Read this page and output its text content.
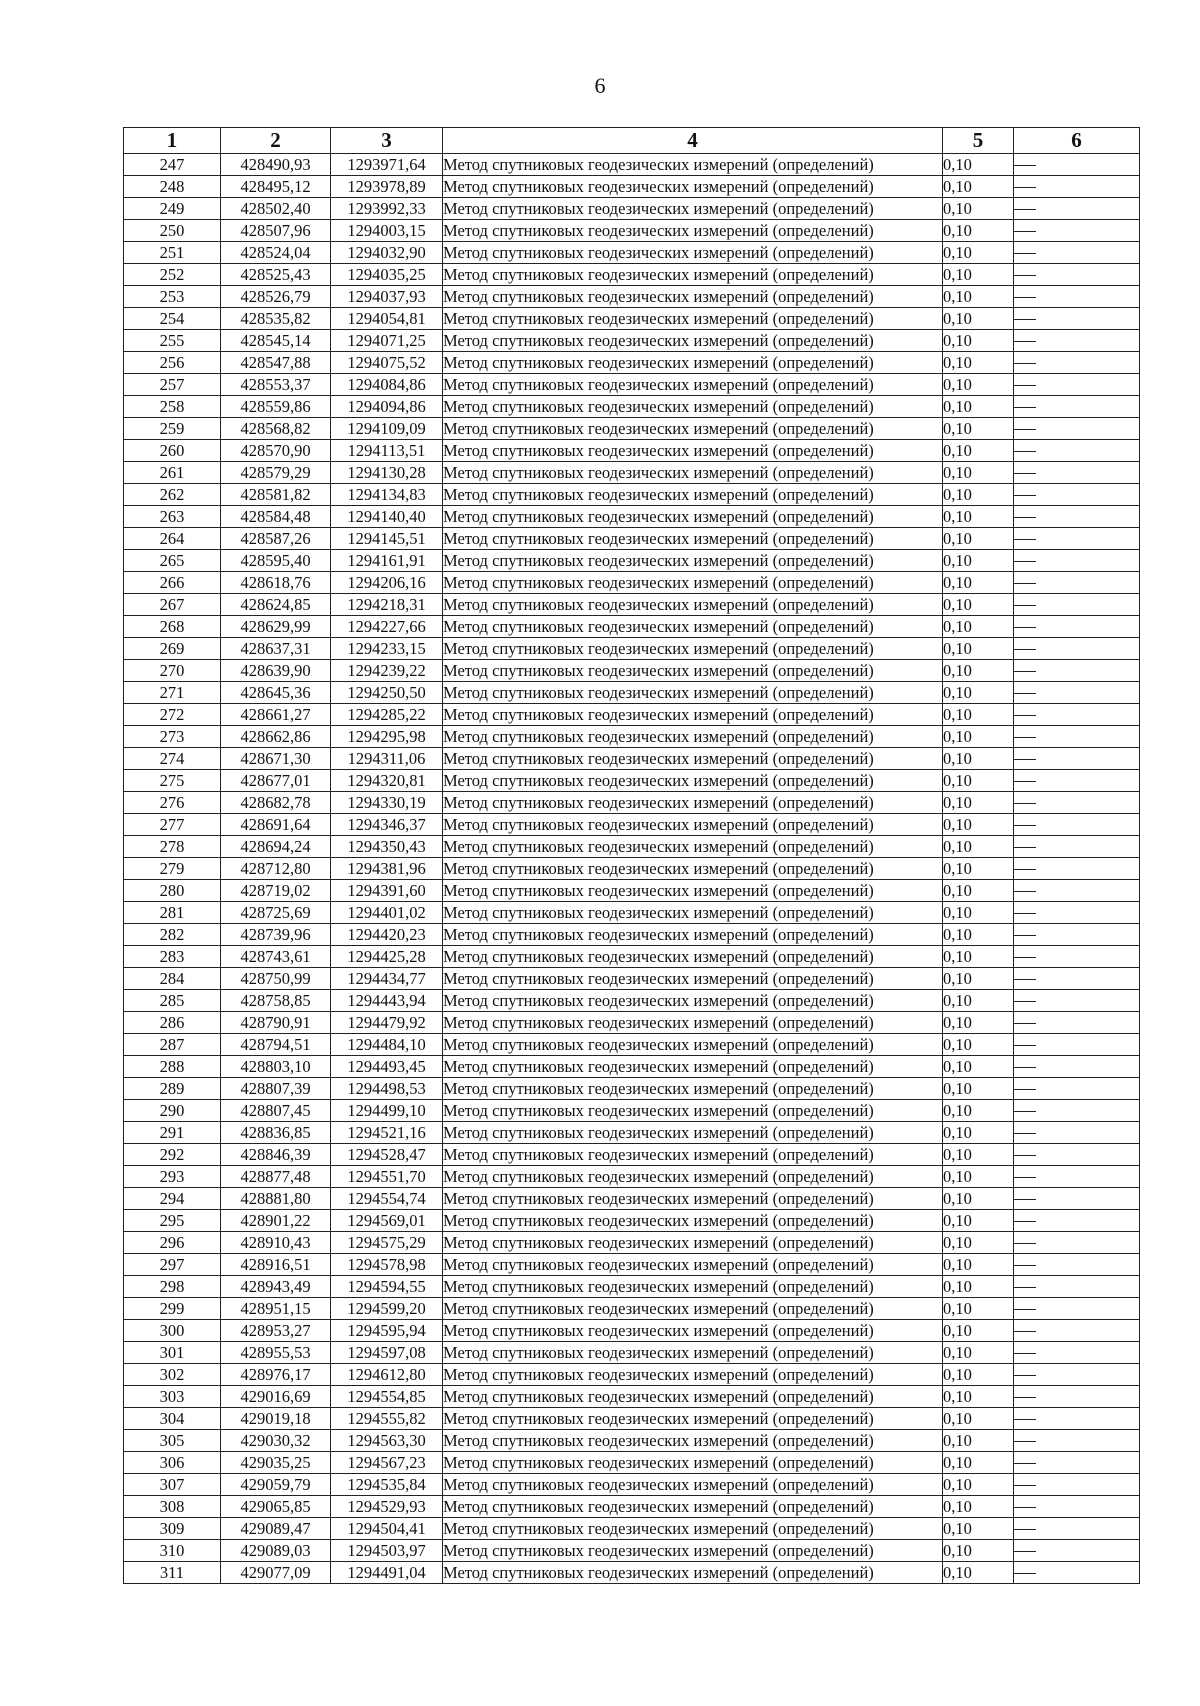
6
1	2	3	4	5	6
247	428490,93	1293971,64	Метод спутниковых геодезических измерений (определений)	0,10	
248	428495,12	1293978,89	Метод спутниковых геодезических измерений (определений)	0,10	
249	428502,40	1293992,33	Метод спутниковых геодезических измерений (определений)	0,10	
250	428507,96	1294003,15	Метод спутниковых геодезических измерений (определений)	0,10	
251	428524,04	1294032,90	Метод спутниковых геодезических измерений (определений)	0,10	
252	428525,43	1294035,25	Метод спутниковых геодезических измерений (определений)	0,10	
253	428526,79	1294037,93	Метод спутниковых геодезических измерений (определений)	0,10	
254	428535,82	1294054,81	Метод спутниковых геодезических измерений (определений)	0,10	
255	428545,14	1294071,25	Метод спутниковых геодезических измерений (определений)	0,10	
256	428547,88	1294075,52	Метод спутниковых геодезических измерений (определений)	0,10	
257	428553,37	1294084,86	Метод спутниковых геодезических измерений (определений)	0,10	
258	428559,86	1294094,86	Метод спутниковых геодезических измерений (определений)	0,10	
259	428568,82	1294109,09	Метод спутниковых геодезических измерений (определений)	0,10	
260	428570,90	1294113,51	Метод спутниковых геодезических измерений (определений)	0,10	
261	428579,29	1294130,28	Метод спутниковых геодезических измерений (определений)	0,10	
262	428581,82	1294134,83	Метод спутниковых геодезических измерений (определений)	0,10	
263	428584,48	1294140,40	Метод спутниковых геодезических измерений (определений)	0,10	
264	428587,26	1294145,51	Метод спутниковых геодезических измерений (определений)	0,10	
265	428595,40	1294161,91	Метод спутниковых геодезических измерений (определений)	0,10	
266	428618,76	1294206,16	Метод спутниковых геодезических измерений (определений)	0,10	
267	428624,85	1294218,31	Метод спутниковых геодезических измерений (определений)	0,10	
268	428629,99	1294227,66	Метод спутниковых геодезических измерений (определений)	0,10	
269	428637,31	1294233,15	Метод спутниковых геодезических измерений (определений)	0,10	
270	428639,90	1294239,22	Метод спутниковых геодезических измерений (определений)	0,10	
271	428645,36	1294250,50	Метод спутниковых геодезических измерений (определений)	0,10	
272	428661,27	1294285,22	Метод спутниковых геодезических измерений (определений)	0,10	
273	428662,86	1294295,98	Метод спутниковых геодезических измерений (определений)	0,10	
274	428671,30	1294311,06	Метод спутниковых геодезических измерений (определений)	0,10	
275	428677,01	1294320,81	Метод спутниковых геодезических измерений (определений)	0,10	
276	428682,78	1294330,19	Метод спутниковых геодезических измерений (определений)	0,10	
277	428691,64	1294346,37	Метод спутниковых геодезических измерений (определений)	0,10	
278	428694,24	1294350,43	Метод спутниковых геодезических измерений (определений)	0,10	
279	428712,80	1294381,96	Метод спутниковых геодезических измерений (определений)	0,10	
280	428719,02	1294391,60	Метод спутниковых геодезических измерений (определений)	0,10	
281	428725,69	1294401,02	Метод спутниковых геодезических измерений (определений)	0,10	
282	428739,96	1294420,23	Метод спутниковых геодезических измерений (определений)	0,10	
283	428743,61	1294425,28	Метод спутниковых геодезических измерений (определений)	0,10	
284	428750,99	1294434,77	Метод спутниковых геодезических измерений (определений)	0,10	
285	428758,85	1294443,94	Метод спутниковых геодезических измерений (определений)	0,10	
286	428790,91	1294479,92	Метод спутниковых геодезических измерений (определений)	0,10	
287	428794,51	1294484,10	Метод спутниковых геодезических измерений (определений)	0,10	
288	428803,10	1294493,45	Метод спутниковых геодезических измерений (определений)	0,10	
289	428807,39	1294498,53	Метод спутниковых геодезических измерений (определений)	0,10	
290	428807,45	1294499,10	Метод спутниковых геодезических измерений (определений)	0,10	
291	428836,85	1294521,16	Метод спутниковых геодезических измерений (определений)	0,10	
292	428846,39	1294528,47	Метод спутниковых геодезических измерений (определений)	0,10	
293	428877,48	1294551,70	Метод спутниковых геодезических измерений (определений)	0,10	
294	428881,80	1294554,74	Метод спутниковых геодезических измерений (определений)	0,10	
295	428901,22	1294569,01	Метод спутниковых геодезических измерений (определений)	0,10	
296	428910,43	1294575,29	Метод спутниковых геодезических измерений (определений)	0,10	
297	428916,51	1294578,98	Метод спутниковых геодезических измерений (определений)	0,10	
298	428943,49	1294594,55	Метод спутниковых геодезических измерений (определений)	0,10	
299	428951,15	1294599,20	Метод спутниковых геодезических измерений (определений)	0,10	
300	428953,27	1294595,94	Метод спутниковых геодезических измерений (определений)	0,10	
301	428955,53	1294597,08	Метод спутниковых геодезических измерений (определений)	0,10	
302	428976,17	1294612,80	Метод спутниковых геодезических измерений (определений)	0,10	
303	429016,69	1294554,85	Метод спутниковых геодезических измерений (определений)	0,10	
304	429019,18	1294555,82	Метод спутниковых геодезических измерений (определений)	0,10	
305	429030,32	1294563,30	Метод спутниковых геодезических измерений (определений)	0,10	
306	429035,25	1294567,23	Метод спутниковых геодезических измерений (определений)	0,10	
307	429059,79	1294535,84	Метод спутниковых геодезических измерений (определений)	0,10	
308	429065,85	1294529,93	Метод спутниковых геодезических измерений (определений)	0,10	
309	429089,47	1294504,41	Метод спутниковых геодезических измерений (определений)	0,10	
310	429089,03	1294503,97	Метод спутниковых геодезических измерений (определений)	0,10	
311	429077,09	1294491,04	Метод спутниковых геодезических измерений (определений)	0,10	
